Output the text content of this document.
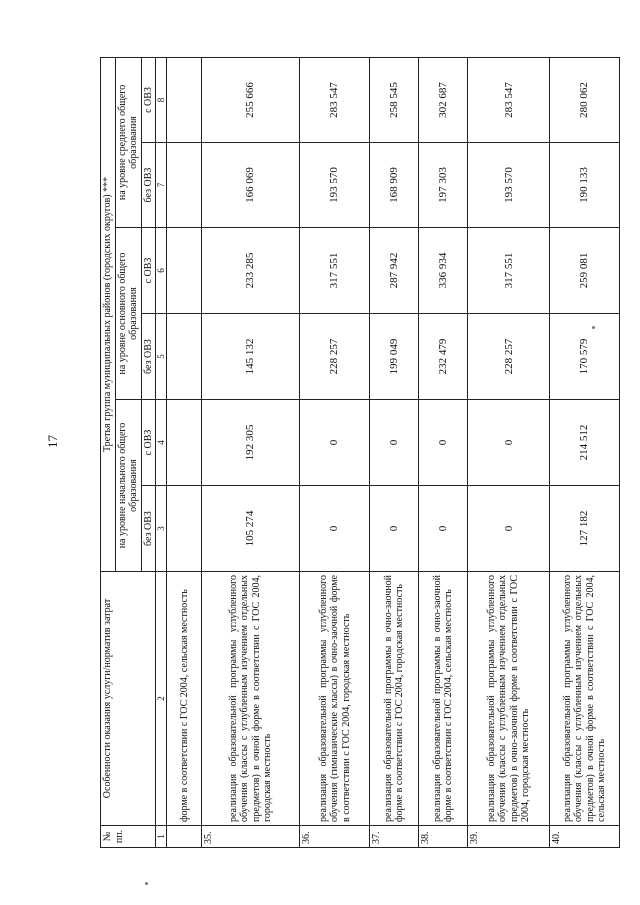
17
№
пп.	Особенности оказания услуги/норматив затрат	Третья группа муниципальных районов (городских округов) ***					
		на уровне начального общего образования		на уровне основного общего образования		на уровне среднего общего образования	
		без ОВЗ	с ОВЗ	без ОВЗ	с ОВЗ	без ОВЗ	с ОВЗ
1	2	3	4	5	6	7	8
	форме в соответствии с ГОС 2004, сельская местность						
35.	реализация образовательной программы углубленного обучения (классы с углубленным изучением отдельных предметов) в очной форме в соответствии с ГОС 2004, городская местность	105 274	192 305	145 132	233 285	166 069	255 666
36.	реализация образовательной программы углубленного обучения (гимназические классы) в очно-заочной форме в соответствии с ГОС 2004, городская местность	0	0	228 257	317 551	193 570	283 547
37.	реализация образовательной программы в очно-заочной форме в соответствии с ГОС 2004, городская местность	0	0	199 049	287 942	168 909	258 545
38.	реализация образовательной программы в очно-заочной форме в соответствии с ГОС 2004, сельская местность	0	0	232 479	336 934	197 303	302 687
39.	реализация образовательной программы углубленного обучения (классы с углубленным изучением отдельных предметов) в очно-заочной форме в соответствии с ГОС 2004, городская местность	0	0	228 257	317 551	193 570	283 547
40.	реализация образовательной программы углубленного обучения (классы с углубленным изучением отдельных предметов) в очной форме в соответствии с ГОС 2004, сельская местность	127 182	214 512	170 579	259 081	190 133	280 062
